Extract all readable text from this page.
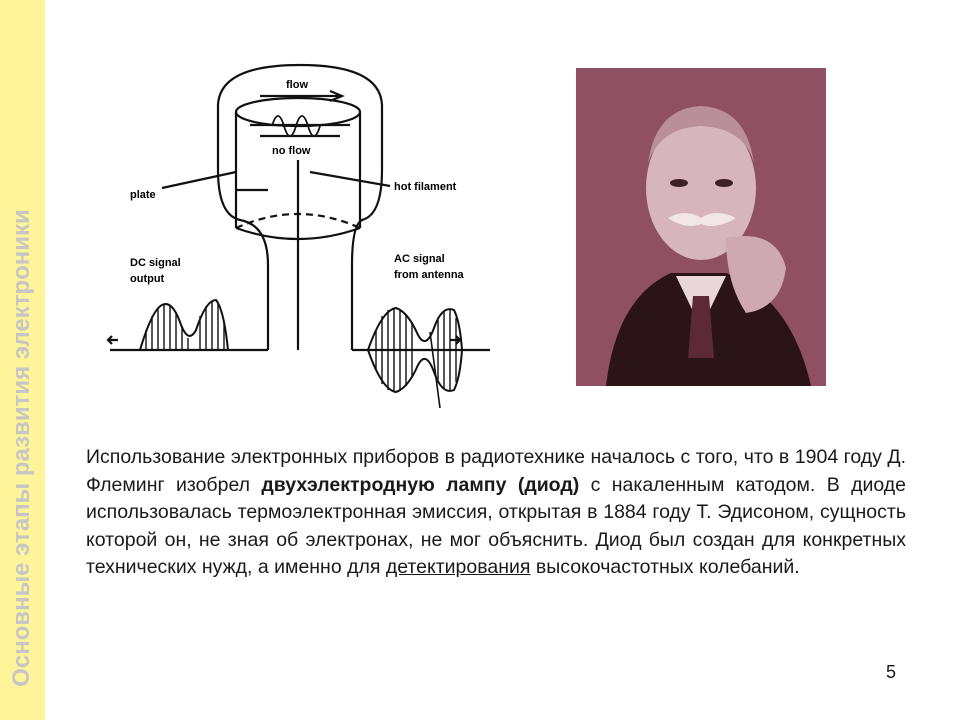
Основные этапы развития электроники
flow
no flow
plate
hot filament
DC signal
output
AC signal
from antenna
Использование электронных приборов в радиотехнике началось с того, что в 1904 году Д. Флеминг изобрел двухэлектродную лампу (диод) с накаленным катодом. В диоде использовалась термоэлектронная эмиссия, открытая в 1884 году Т. Эдисоном, сущность которой он, не зная об электронах, не мог объяснить. Диод был создан для конкретных технических нужд, а именно для детектирования высокочастотных колебаний.
5
